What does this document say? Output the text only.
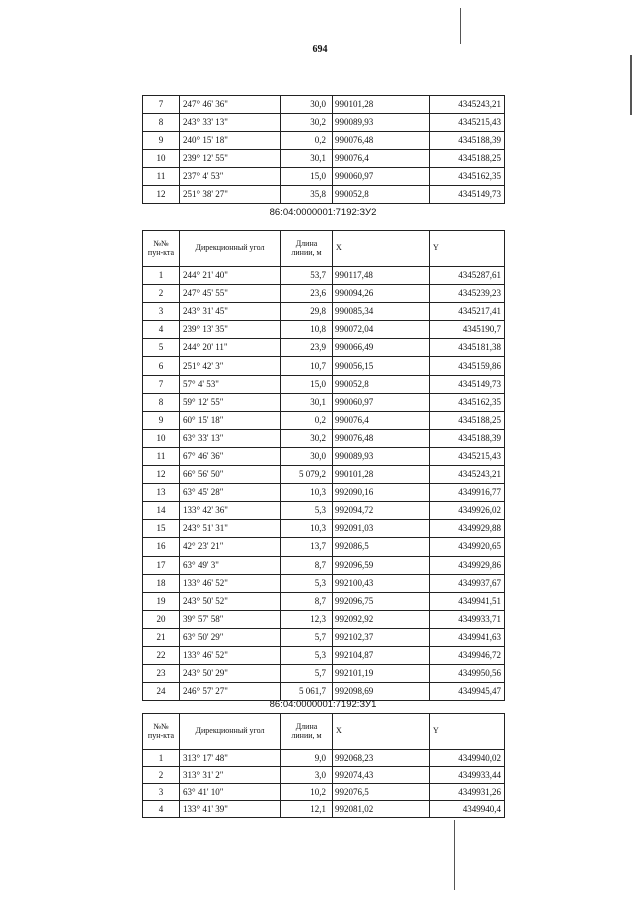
694
7	247° 46' 36"	30,0	990101,28	4345243,21
8	243° 33' 13"	30,2	990089,93	4345215,43
9	240° 15' 18"	0,2	990076,48	4345188,39
10	239° 12' 55"	30,1	990076,4	4345188,25
11	237° 4' 53"	15,0	990060,97	4345162,35
12	251° 38' 27"	35,8	990052,8	4345149,73
86:04:0000001:7192:ЗУ2
№№ пун-кта	Дирекционный угол	Длина линии, м	X	Y
1	244° 21' 40"	53,7	990117,48	4345287,61
2	247° 45' 55"	23,6	990094,26	4345239,23
3	243° 31' 45"	29,8	990085,34	4345217,41
4	239° 13' 35"	10,8	990072,04	4345190,7
5	244° 20' 11"	23,9	990066,49	4345181,38
6	251° 42' 3"	10,7	990056,15	4345159,86
7	57° 4' 53"	15,0	990052,8	4345149,73
8	59° 12' 55"	30,1	990060,97	4345162,35
9	60° 15' 18"	0,2	990076,4	4345188,25
10	63° 33' 13"	30,2	990076,48	4345188,39
11	67° 46' 36"	30,0	990089,93	4345215,43
12	66° 56' 50"	5 079,2	990101,28	4345243,21
13	63° 45' 28"	10,3	992090,16	4349916,77
14	133° 42' 36"	5,3	992094,72	4349926,02
15	243° 51' 31"	10,3	992091,03	4349929,88
16	42° 23' 21"	13,7	992086,5	4349920,65
17	63° 49' 3"	8,7	992096,59	4349929,86
18	133° 46' 52"	5,3	992100,43	4349937,67
19	243° 50' 52"	8,7	992096,75	4349941,51
20	39° 57' 58"	12,3	992092,92	4349933,71
21	63° 50' 29"	5,7	992102,37	4349941,63
22	133° 46' 52"	5,3	992104,87	4349946,72
23	243° 50' 29"	5,7	992101,19	4349950,56
24	246° 57' 27"	5 061,7	992098,69	4349945,47
86:04:0000001:7192:ЗУ1
№№ пун-кта	Дирекционный угол	Длина линии, м	X	Y
1	313° 17' 48"	9,0	992068,23	4349940,02
2	313° 31' 2"	3,0	992074,43	4349933,44
3	63° 41' 10"	10,2	992076,5	4349931,26
4	133° 41' 39"	12,1	992081,02	4349940,4
